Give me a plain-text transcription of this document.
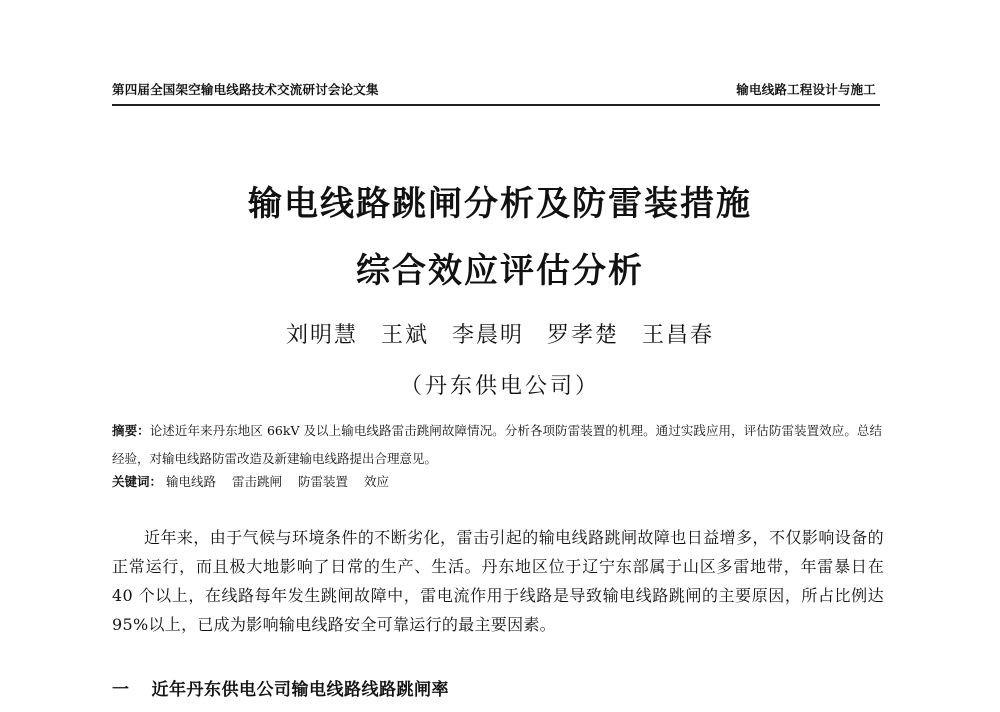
第四届全国架空输电线路技术交流研讨会论文集	输电线路工程设计与施工
输电线路跳闸分析及防雷装措施
综合效应评估分析
刘明慧 王斌 李晨明 罗孝楚 王昌春
（丹东供电公司）
摘要：论述近年来丹东地区 66kV 及以上输电线路雷击跳闸故障情况。分析各项防雷装置的机理。通过实践应用，评估防雷装置效应。总结经验，对输电线路防雷改造及新建输电线路提出合理意见。
关键词： 输电线路 雷击跳闸 防雷装置 效应
近年来，由于气候与环境条件的不断劣化，雷击引起的输电线路跳闸故障也日益增多，不仅影响设备的正常运行，而且极大地影响了日常的生产、生活。丹东地区位于辽宁东部属于山区多雷地带，年雷暴日在 40 个以上，在线路每年发生跳闸故障中，雷电流作用于线路是导致输电线路跳闸的主要原因，所占比例达95%以上，已成为影响输电线路安全可靠运行的最主要因素。
一 近年丹东供电公司输电线路线路跳闸率
